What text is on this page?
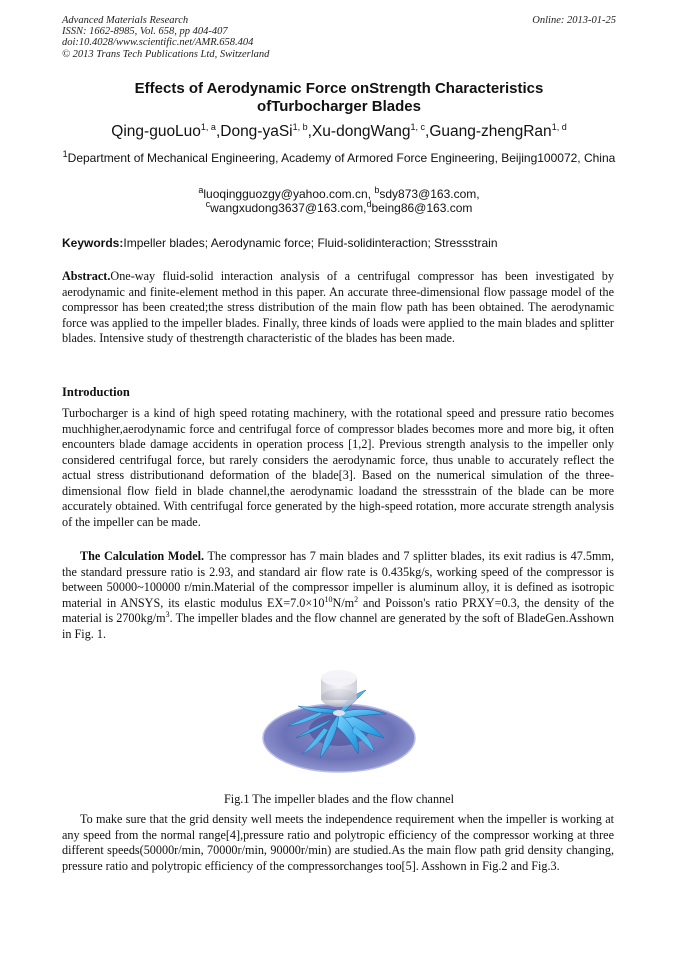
Advanced Materials Research
ISSN: 1662-8985, Vol. 658, pp 404-407
doi:10.4028/www.scientific.net/AMR.658.404
© 2013 Trans Tech Publications Ltd, Switzerland
Online: 2013-01-25
Effects of Aerodynamic Force onStrength Characteristics
ofTurbocharger Blades
Qing-guoLuo$^{1, a}$,Dong-yaSi$^{1, b}$,Xu-dongWang$^{1, c}$,Guang-zhengRan$^{1, d}$
$^1$Department of Mechanical Engineering, Academy of Armored Force Engineering, Beijing100072, China
$^a$luoqingguozgy@yahoo.com.cn, $^b$sdy873@163.com,
$^c$wangxudong3637@163.com,$^d$being86@163.com
Keywords:Impeller blades; Aerodynamic force; Fluid-solidinteraction; Stressstrain
Abstract.One-way fluid-solid interaction analysis of a centrifugal compressor has been investigated by aerodynamic and finite-element method in this paper. An accurate three-dimensional flow passage model of the compressor has been created;the stress distribution of the main flow path has been obtained. The aerodynamic force was applied to the impeller blades. Finally, three kinds of loads were applied to the main blades and splitter blades. Intensive study of thestrength characteristic of the blades has been made.
Introduction
Turbocharger is a kind of high speed rotating machinery, with the rotational speed and pressure ratio becomes muchhigher,aerodynamic force and centrifugal force of compressor blades becomes more and more big, it often encounters blade damage accidents in operation process [1,2]. Previous strength analysis to the impeller only considered centrifugal force, but rarely considers the aerodynamic force, thus unable to accurately reflect the actual stress distributionand deformation of the blade[3]. Based on the numerical simulation of the three-dimensional flow field in blade channel,the aerodynamic loadand the stressstrain of the blade can be more accurately obtained. With centrifugal force generated by the high-speed rotation, more accurate strength analysis of the impeller can be made.
The Calculation Model. The compressor has 7 main blades and 7 splitter blades, its exit radius is 47.5mm, the standard pressure ratio is 2.93, and standard air flow rate is 0.435kg/s, working speed of the compressor is between 50000~100000 r/min.Material of the compressor impeller is aluminum alloy, it is defined as isotropic material in ANSYS, its elastic modulus $EX=7.0\times 10^{10}N/m^2$ and Poisson's ratio PRXY=0.3, the density of the material is $2700kg/m^3$. The impeller blades and the flow channel are generated by the soft of BladeGen.Asshown in Fig. 1.
Fig.1 The impeller blades and the flow channel
To make sure that the grid density well meets the independence requirement when the impeller is working at any speed from the normal range[4],pressure ratio and polytropic efficiency of the compressor working at three different speeds(50000r/min, 70000r/min, 90000r/min) are studied.As the main flow path grid density changing, pressure ratio and polytropic efficiency of the compressorchanges too[5]. Asshown in Fig.2 and Fig.3.
